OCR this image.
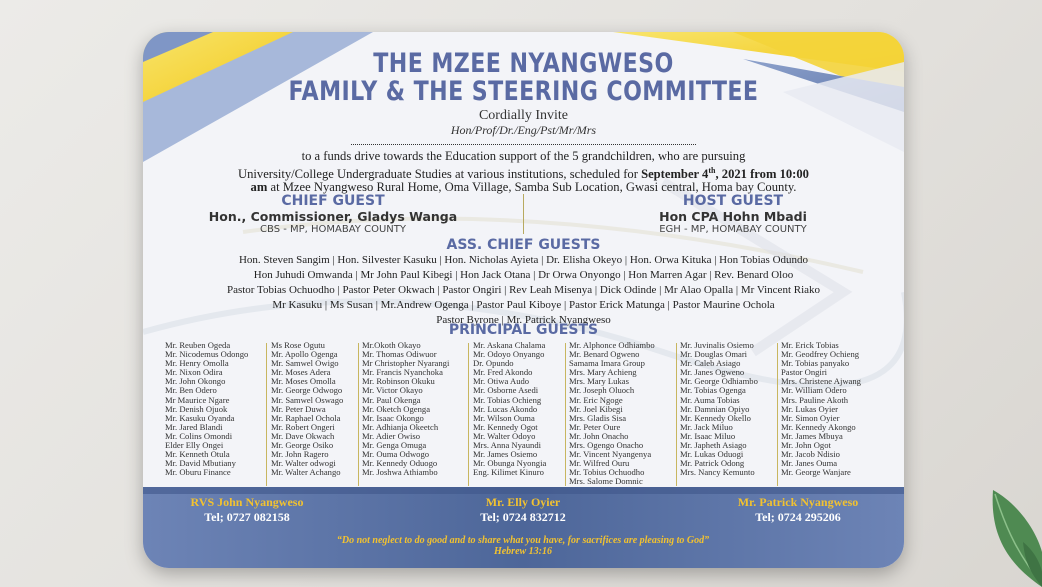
THE MZEE NYANGWESO

FAMILY & THE STEERING COMMITTEE

Cordially Invite

Hon/Prof/Dr./Eng/Pst/Mr/Mrs

to a funds drive towards the Education support of the 5 grandchildren, who are pursuing
University/College Undergraduate Studies at various institutions, scheduled for September 4th, 2021 from 10:00
am at Mzee Nyangweso Rural Home, Oma Village, Samba Sub Location, Gwasi central, Homa bay County.

CHIEF GUEST

Hon., Commissioner, Gladys Wanga

CBS - MP, HOMABAY COUNTY

HOST GUEST

Hon CPA Hohn Mbadi

EGH - MP, HOMABAY COUNTY

ASS. CHIEF GUESTS

Hon. Steven Sangim | Hon. Silvester Kasuku | Hon. Nicholas Ayieta | Dr. Elisha Okeyo | Hon. Orwa Kituka | Hon Tobias Odundo

Hon Juhudi Omwanda | Mr John Paul Kibegi | Hon Jack Otana | Dr Orwa Onyongo | Hon Marren Agar | Rev. Benard Oloo

Pastor Tobias Ochuodho | Pastor Peter Okwach | Pastor Ongiri | Rev Leah Misenya | Dick Odinde | Mr Alao Opalla | Mr Vincent Riako

Mr Kasuku | Ms Susan | Mr.Andrew Ogenga | Pastor Paul Kiboye | Pastor Erick Matunga | Pastor Maurine Ochola

Pastor Byrone | Mr. Patrick Nyangweso

PRINCIPAL GUESTS

Mr. Reuben Ogeda

Mr. Nicodemus Odongo

Mr. Henry Omolla

Mr. Nixon Odira

Mr. John Okongo

Mr. Ben Odero

Mr Maurice Ngare

Mr. Denish Ojuok

Mr. Kasuku Oyanda

Mr. Jared Blandi

Mr. Colins Omondi

Elder Elly Ongei

Mr. Kenneth Otula

Mr. David Mbutiany

Mr. Oburu Finance

Ms Rose Ogutu

Mr. Apollo Ogenga

Mr. Samwel Owigo

Mr. Moses Adera

Mr. Moses Omolla

Mr. George Odwogo

Mr. Samwel Oswago

Mr. Peter Duwa

Mr. Raphael Ochola

Mr. Robert Ongeri

Mr. Dave Okwach

Mr. George Osiko

Mr. John Ragero

Mr. Walter odwogi

Mr. Walter Achango

Mr.Okoth Okayo

Mr. Thomas Odiwuor

Mr Christopher Nyarangi

Mr. Francis Nyanchoka

Mr. Robinson Okuku

Mr. Victor Okayo

Mr. Paul Okenga

Mr. Oketch Ogenga

Mr. Isaac Okongo

Mr. Adhianja Okeetch

Mr. Adier Owiso

Mr. Genga Omuga

Mr. Ouma Odwogo

Mr. Kennedy Oduogo

Mr. Joshwa Athiambo

Mr. Askana Chalama

Mr. Odoyo Onyango

Dr. Opundo

Mr. Fred Akondo

Mr. Otiwa Audo

Mr. Osborne Asedi

Mr. Tobias Ochieng

Mr. Lucas Akondo

Mr. Wilson Ouma

Mr. Kennedy Ogot

Mr. Walter Odoyo

Mrs. Anna Nyaundi

Mr. James Osiemo

Mr. Obunga Nyongia

Eng. Kilimet Kinuro

Mr. Alphonce Odhiambo

Mr. Benard Ogweno

Samama Imara Group

Mrs. Mary Achieng

Mrs. Mary Lukas

Mr. Joseph Oluoch

Mr. Eric Ngoge

Mr. Joel Kibegi

Mrs. Gladis Sisa

Mr. Peter Oure

Mr. John Onacho

Mrs. Ogengo Onacho

Mr. Vincent Nyangenya

Mr. Wilfred Ouru

Mr. Tobius Ochuodho

Mrs. Salome Domnic

Mr. Juvinalis Osiemo

Mr. Douglas Omari

Mr. Caleb Asiago

Mr. Janes Ogweno

Mr. George Odhiambo

Mr. Tobias Ogenga

Mr. Auma Tobias

Mr. Damnian Opiyo

Mr. Kennedy Okello

Mr. Jack Miluo

Mr. Isaac Miluo

Mr. Japheth Asiago

Mr. Lukas Oduogi

Mr. Patrick Odong

Mrs. Nancy Kemunto

Mr. Erick Tobias

Mr. Geodfrey Ochieng

Mr. Tobias panyako

Pastor Ongiri

Mrs. Christene Ajwang

Mr. William Odero

Mrs. Pauline Akoth

Mr. Lukas Oyier

Mr. Simon Oyier

Mr. Kennedy Akongo

Mr. James Mbuya

Mr. John Ogot

Mr. Jacob Ndisio

Mr. Janes Ouma

Mr. George Wanjare

RVS John Nyangweso

Tel; 0727 082158

Mr. Elly Oyier

Tel; 0724 832712

Mr. Patrick Nyangweso

Tel; 0724 295206

“Do not neglect to do good and to share what you have, for sacrifices are pleasing to God”

Hebrew 13:16
